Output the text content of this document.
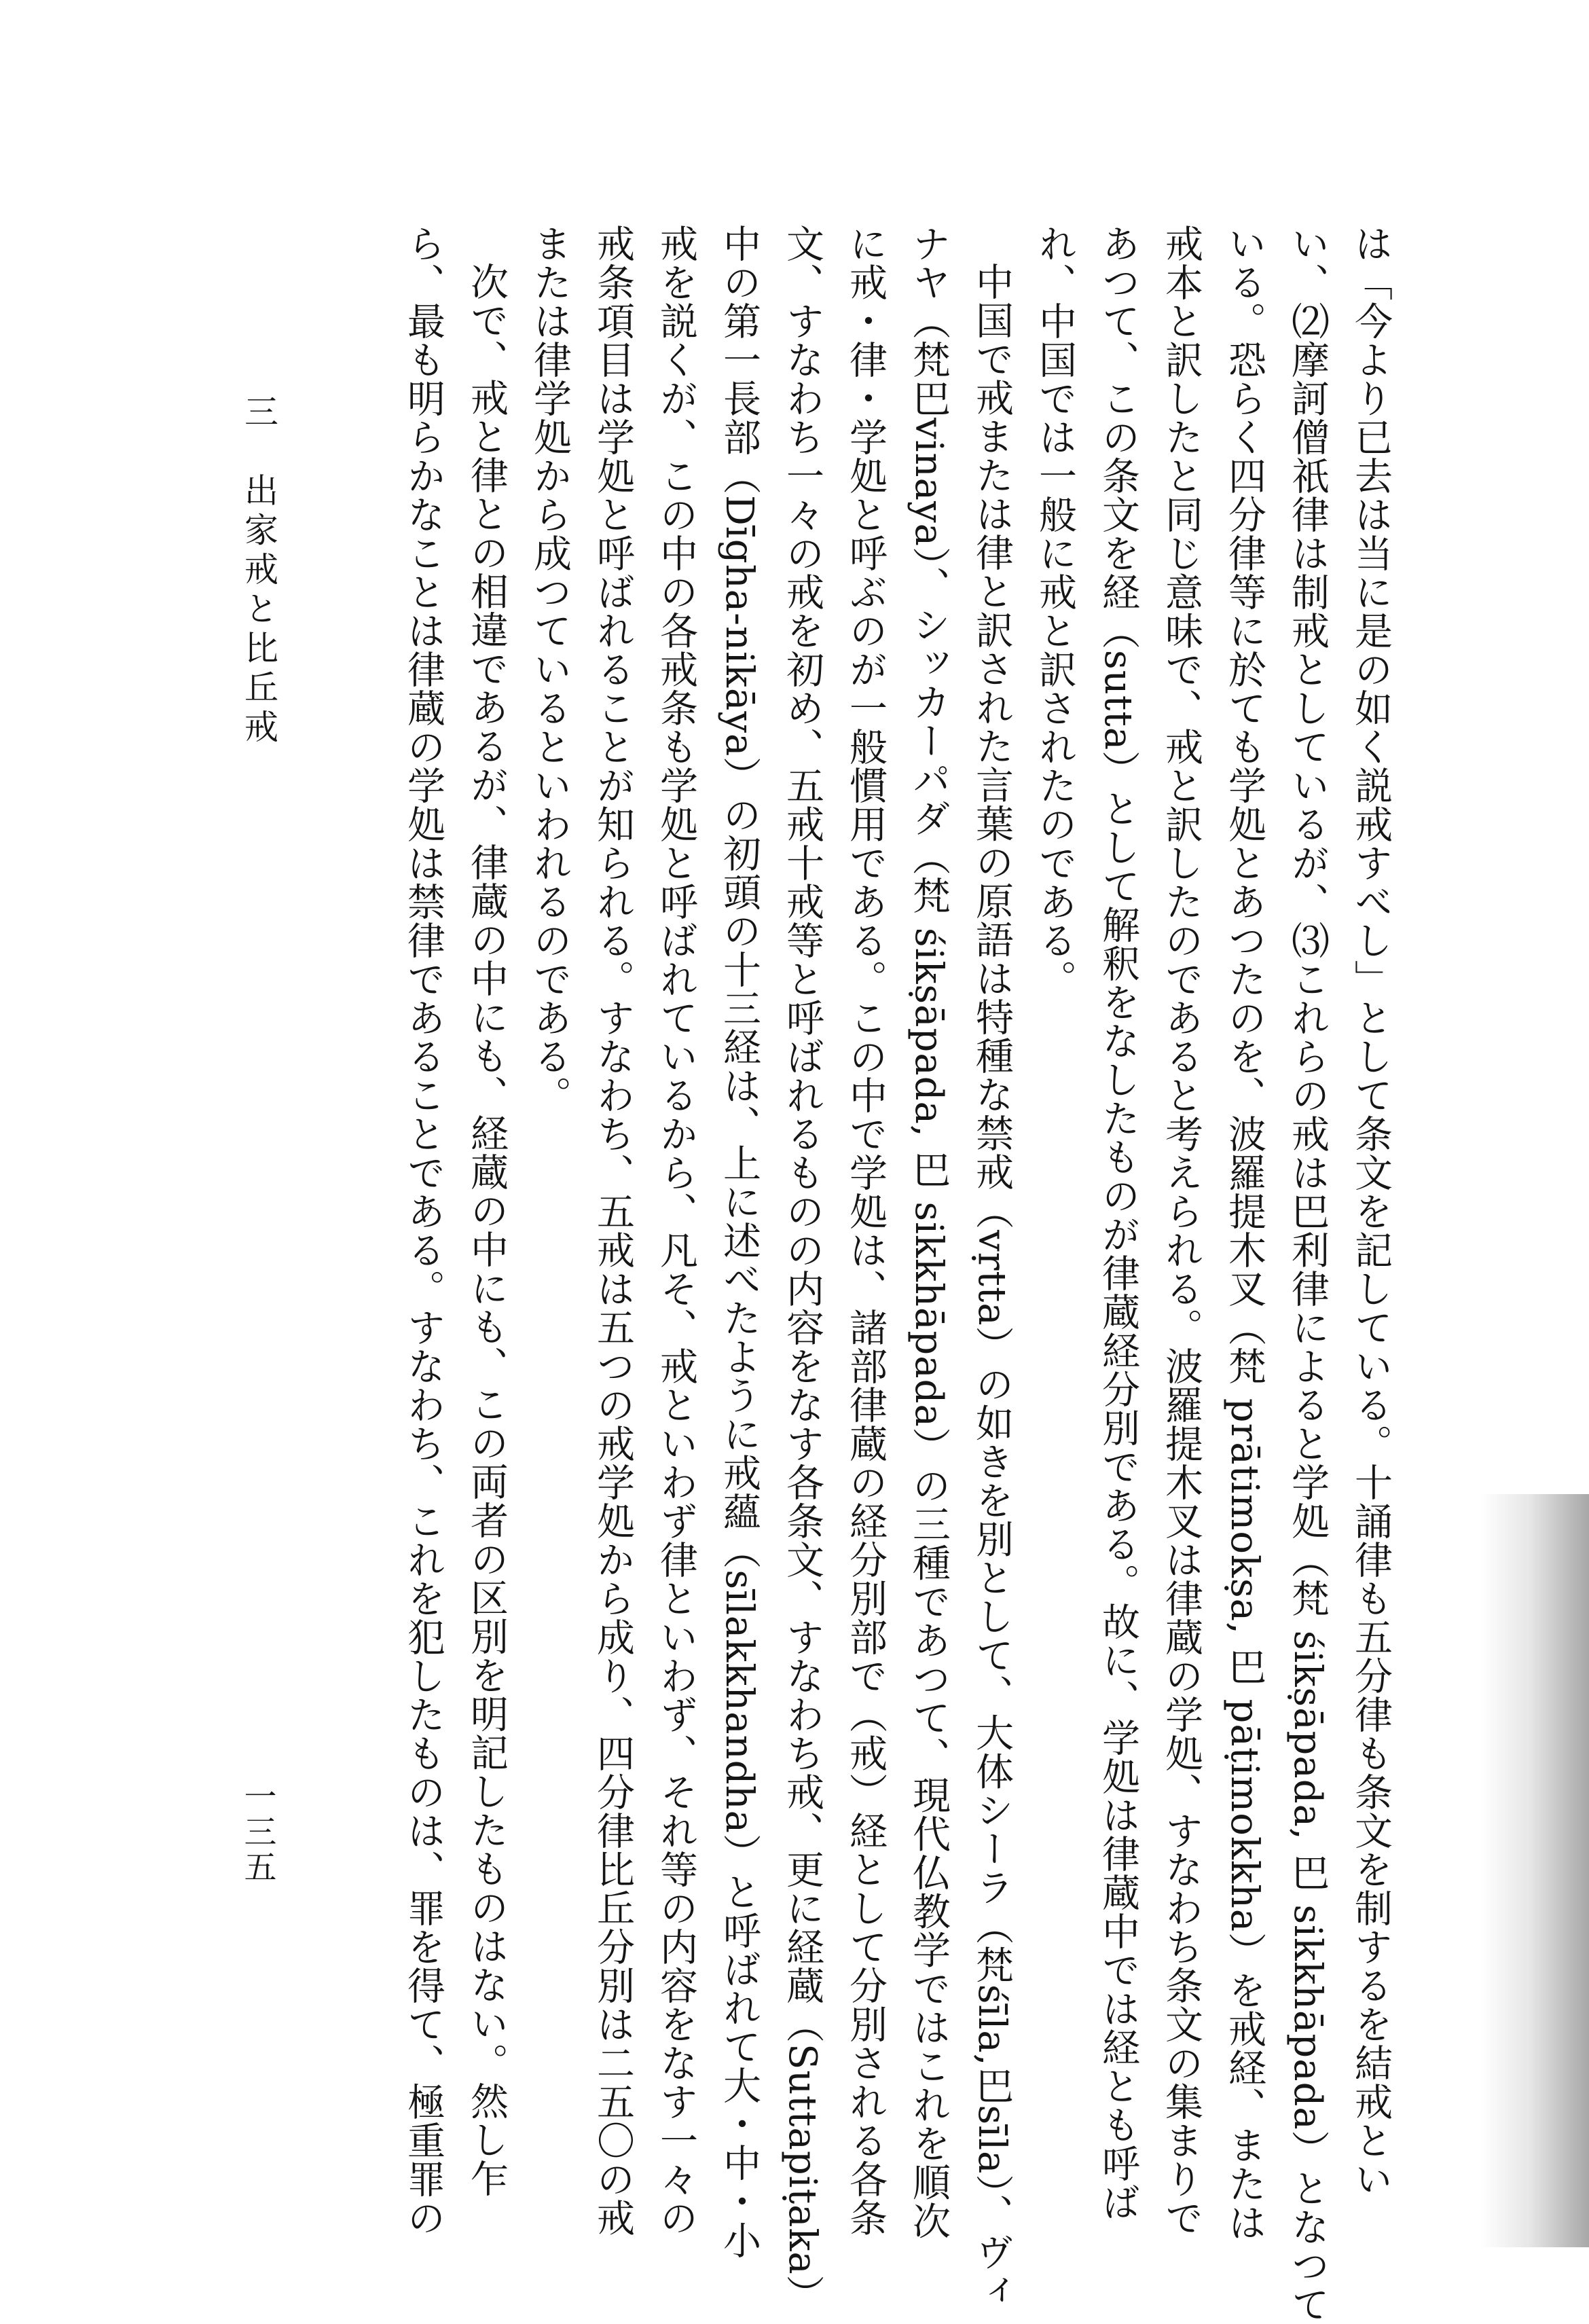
は「今より已去は当に是の如く説戒すべし」として条文を記している。十誦律も五分律も条文を制するを結戒とい

い、⑵摩訶僧祇律は制戒としているが、⑶これらの戒は巴利律によると学処（梵 śikṣāpada, 巴 sikkhāpada）となつて

いる。恐らく四分律等に於ても学処とあつたのを、波羅提木叉（梵 prātimokṣa, 巴 pāṭimokkha）を戒経、または

戒本と訳したと同じ意味で、戒と訳したのであると考えられる。波羅提木叉は律蔵の学処、すなわち条文の集まりで

あつて、この条文を経（sutta）として解釈をなしたものが律蔵経分別である。故に、学処は律蔵中では経とも呼ば

れ、中国では一般に戒と訳されたのである。

中国で戒または律と訳された言葉の原語は特種な禁戒（vṛtta）の如きを別として、大体シーラ（梵śīla,巴sīla）、ヴィ

ナヤ（梵巴vinaya）、シッカーパダ（梵 śikṣāpada, 巴 sikkhāpada）の三種であつて、現代仏教学ではこれを順次

に戒・律・学処と呼ぶのが一般慣用である。この中で学処は、諸部律蔵の経分別部で（戒）経として分別される各条

文、すなわち一々の戒を初め、五戒十戒等と呼ばれるものの内容をなす各条文、すなわち戒、更に経蔵（Suttapiṭaka）

中の第一長部（Dīgha-nikāya）の初頭の十三経は、上に述べたように戒蘊（sīlakkhandha）と呼ばれて大・中・小

戒を説くが、この中の各戒条も学処と呼ばれているから、凡そ、戒といわず律といわず、それ等の内容をなす一々の

戒条項目は学処と呼ばれることが知られる。すなわち、五戒は五つの戒学処から成り、四分律比丘分別は二五〇の戒

または律学処から成つているといわれるのである。

次で、戒と律との相違であるが、律蔵の中にも、経蔵の中にも、この両者の区別を明記したものはない。然し乍

ら、最も明らかなことは律蔵の学処は禁律であることである。すなわち、これを犯したものは、罪を得て、極重罪の

三　出家戒と比丘戒
一三五
